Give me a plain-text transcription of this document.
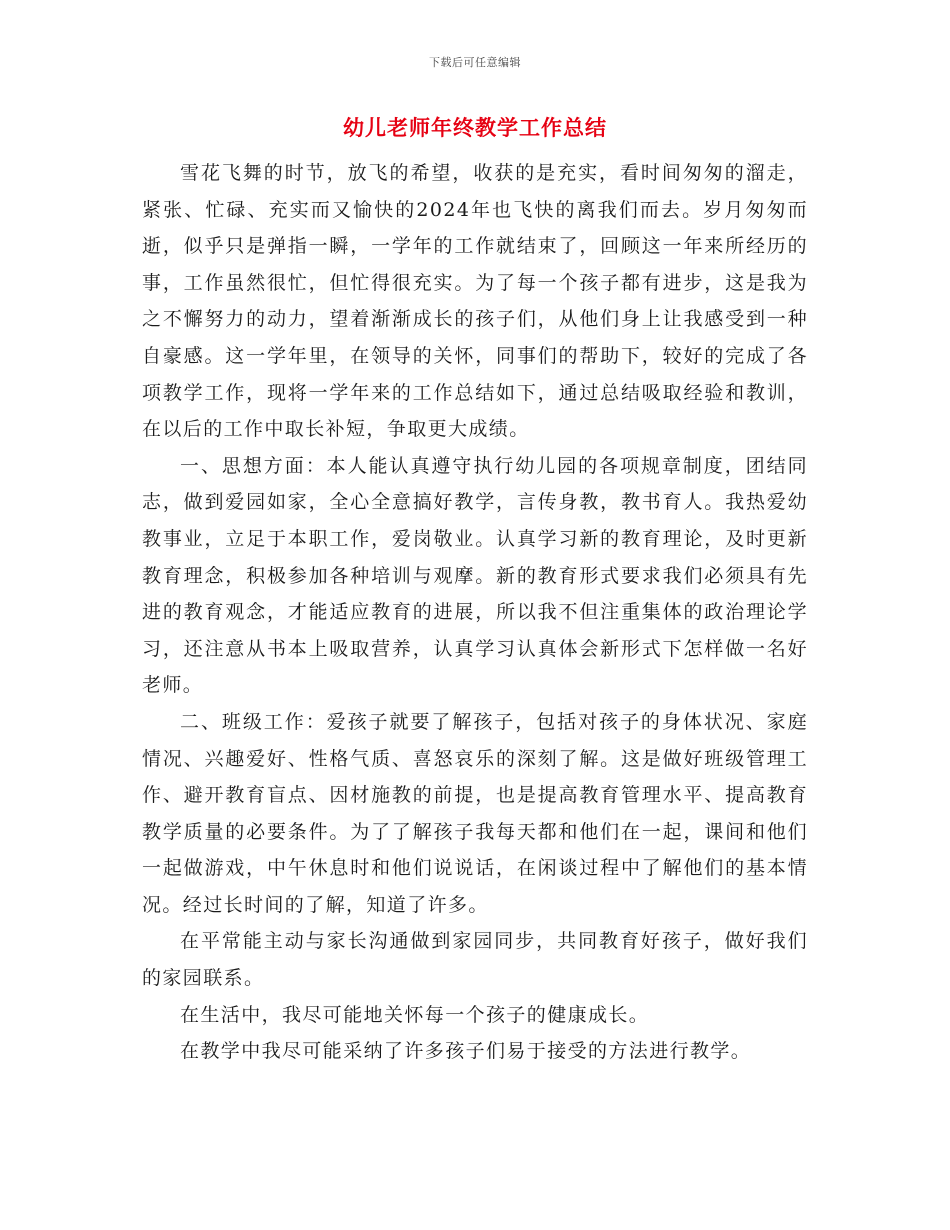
下载后可任意编辑
幼儿老师年终教学工作总结

雪花飞舞的时节，放飞的希望，收获的是充实，看时间匆匆的溜走，紧张、忙碌、充实而又愉快的2024年也飞快的离我们而去。岁月匆匆而逝，似乎只是弹指一瞬，一学年的工作就结束了，回顾这一年来所经历的事，工作虽然很忙，但忙得很充实。为了每一个孩子都有进步，这是我为之不懈努力的动力，望着渐渐成长的孩子们，从他们身上让我感受到一种自豪感。这一学年里，在领导的关怀，同事们的帮助下，较好的完成了各项教学工作，现将一学年来的工作总结如下，通过总结吸取经验和教训，在以后的工作中取长补短，争取更大成绩。

一、思想方面：本人能认真遵守执行幼儿园的各项规章制度，团结同志，做到爱园如家，全心全意搞好教学，言传身教，教书育人。我热爱幼教事业，立足于本职工作，爱岗敬业。认真学习新的教育理论，及时更新教育理念，积极参加各种培训与观摩。新的教育形式要求我们必须具有先进的教育观念，才能适应教育的进展，所以我不但注重集体的政治理论学习，还注意从书本上吸取营养，认真学习认真体会新形式下怎样做一名好老师。

二、班级工作：爱孩子就要了解孩子，包括对孩子的身体状况、家庭情况、兴趣爱好、性格气质、喜怒哀乐的深刻了解。这是做好班级管理工作、避开教育盲点、因材施教的前提，也是提高教育管理水平、提高教育教学质量的必要条件。为了了解孩子我每天都和他们在一起，课间和他们一起做游戏，中午休息时和他们说说话，在闲谈过程中了解他们的基本情况。经过长时间的了解，知道了许多。

在平常能主动与家长沟通做到家园同步，共同教育好孩子，做好我们的家园联系。

在生活中，我尽可能地关怀每一个孩子的健康成长。

在教学中我尽可能采纳了许多孩子们易于接受的方法进行教学。
